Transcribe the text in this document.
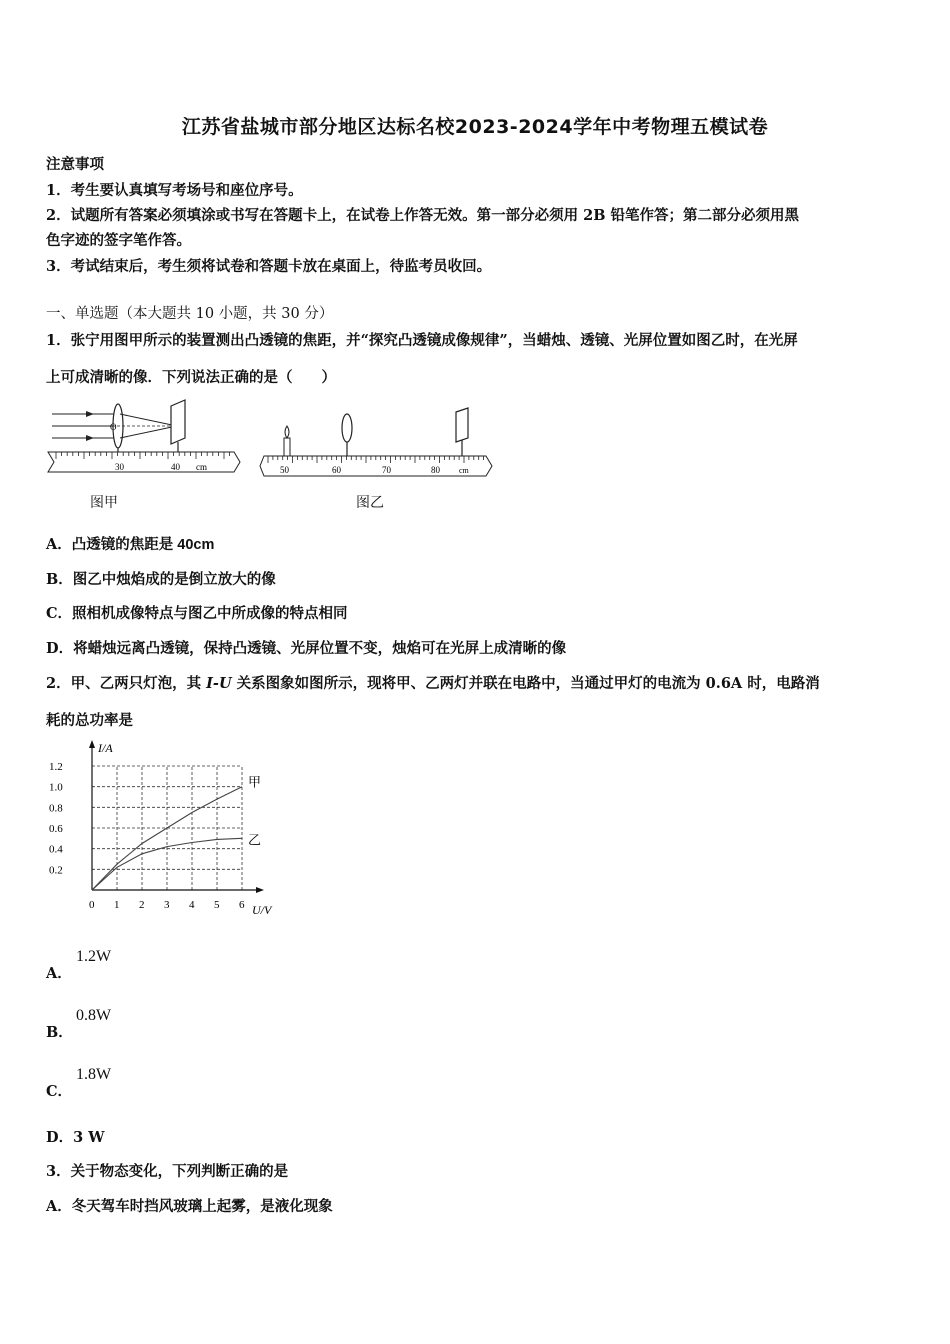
江苏省盐城市部分地区达标名校2023-2024学年中考物理五模试卷
注意事项
1．考生要认真填写考场号和座位序号。
2．试题所有答案必须填涂或书写在答题卡上，在试卷上作答无效。第一部分必须用 2B 铅笔作答；第二部分必须用黑
色字迹的签字笔作答。
3．考试结束后，考生须将试卷和答题卡放在桌面上，待监考员收回。
一、单选题（本大题共 10 小题，共 30 分）
1．张宁用图甲所示的装置测出凸透镜的焦距，并“探究凸透镜成像规律”，当蜡烛、透镜、光屏位置如图乙时，在光屏
上可成清晰的像．下列说法正确的是（　　）
O
30	40 cm
图甲
50	60	70	80 cm
图乙
A．凸透镜的焦距是 40cm
B．图乙中烛焰成的是倒立放大的像
C．照相机成像特点与图乙中所成像的特点相同
D．将蜡烛远离凸透镜，保持凸透镜、光屏位置不变，烛焰可在光屏上成清晰的像
2．甲、乙两只灯泡，其 I-U 关系图象如图所示，现将甲、乙两灯并联在电路中，当通过甲灯的电流为 0.6A 时，电路消
耗的总功率是
0 1 2 3 4 5 6
0.2
0.4
0.6
0.8
1.0
1.2
I/A
U/V
甲
乙
A．
1.2W
B．
0.8W
C．
1.8W
D．3 W
3．关于物态变化，下列判断正确的是
A．冬天驾车时挡风玻璃上起雾，是液化现象
